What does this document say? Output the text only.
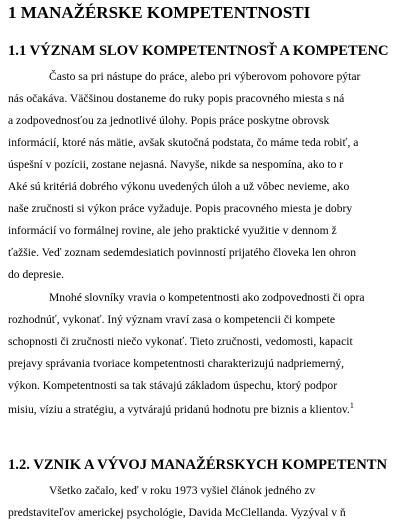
1 MANAŽÉRSKE KOMPETENTNOSTI
1.1 VÝZNAM SLOV KOMPETENTNOSŤ A KOMPETENC
Často sa pri nástupe do práce, alebo pri výberovom pohovore pýtar
nás očakáva. Väčšinou dostaneme do ruky popis pracovného miesta s ná
a zodpovednosťou za jednotlivé úlohy. Popis práce poskytne obrovsk
informácií, ktoré nás mätie, avšak skutočná podstata, čo máme teda robiť, a
úspešní v pozícii, zostane nejasná. Navyše, nikde sa nespomína, ako to r
Aké sú kritériá dobrého výkonu uvedených úloh a už vôbec nevieme, ako
naše zručnosti si výkon práce vyžaduje. Popis pracovného miesta je dobry
informácií vo formálnej rovine, ale jeho praktické využitie v dennom ž
ťažšie. Veď zoznam sedemdesiatich povinností prijatého človeka len ohron
do depresie.
Mnohé slovníky vravia o kompetentnosti ako zodpovednosti či opra
rozhodnúť, vykonať. Iný význam vraví zasa o kompetencii či kompete
schopnosti či zručnosti niečo vykonať. Tieto zručnosti, vedomosti, kapacit
prejavy správania tvoriace kompetentnosti charakterizujú nadpriemerný,
výkon. Kompetentnosti sa tak stávajú základom úspechu, ktorý podpor
misiu, víziu a stratégiu, a vytvárajú pridanú hodnotu pre biznis a klientov.$^1$
1.2. VZNIK A VÝVOJ MANAŽÉRSKYCH KOMPETENTN
Všetko začalo, keď v roku 1973 vyšiel článok jedného zv
predstaviteľov americkej psychológie, Davida McClellanda. Vyzýval v ň
